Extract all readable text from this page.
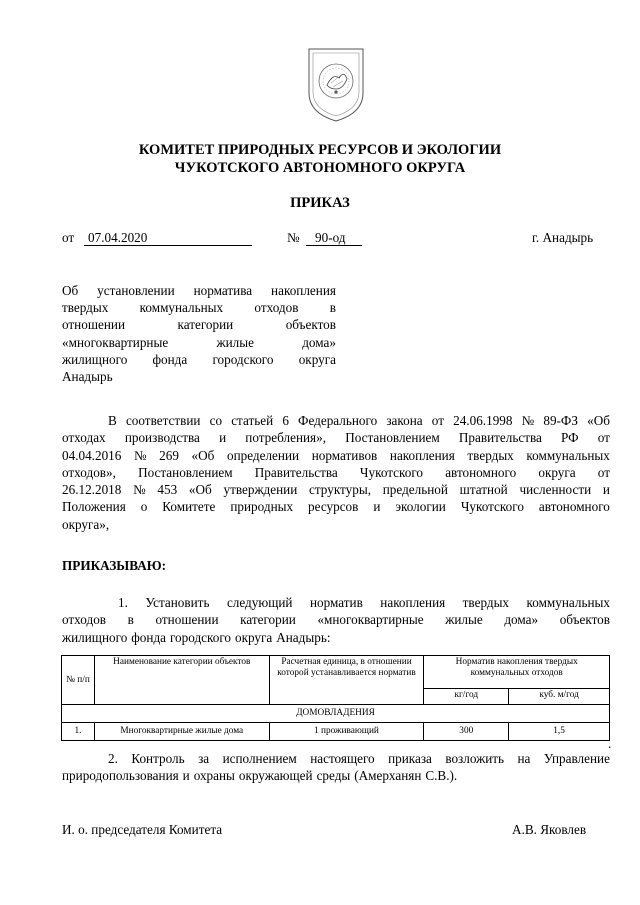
КОМИТЕТ ПРИРОДНЫХ РЕСУРСОВ И ЭКОЛОГИИ
ЧУКОТСКОГО АВТОНОМНОГО ОКРУГА
ПРИКАЗ
от 07.04.2020	№ 90-од	г. Анадырь
Об установлении норматива накопления
твердых коммунальных отходов в
отношении	категории	объектов
«многоквартирные	жилые	дома»
жилищного фонда городского округа
Анадырь
В соответствии со статьей 6 Федерального закона от 24.06.1998 № 89-ФЗ «Об
отходах производства и потребления», Постановлением Правительства РФ от
04.04.2016 № 269 «Об определении нормативов накопления твердых коммунальных
отходов», Постановлением Правительства Чукотского автономного округа от
26.12.2018 № 453 «Об утверждении структуры, предельной штатной численности и
Положения о Комитете природных ресурсов и экологии Чукотского автономного
округа»,
ПРИКАЗЫВАЮ:
1. Установить следующий норматив накопления твердых коммунальных
отходов в отношении категории «многоквартирные жилые дома» объектов
жилищного фонда городского округа Анадырь:
№ п/п	Наименование категории объектов	Расчетная единица, в отношении которой устанавливается норматив	Норматив накопления твердых коммунальных отходов	
			кг/год	куб. м/год
ДОМОВЛАДЕНИЯ				
1.	Многоквартирные жилые дома	1 проживающий	300	1,5
.
2. Контроль за исполнением настоящего приказа возложить на Управление
природопользования и охраны окружающей среды (Амерханян С.В.).
И. о. председателя Комитета	А.В. Яковлев
